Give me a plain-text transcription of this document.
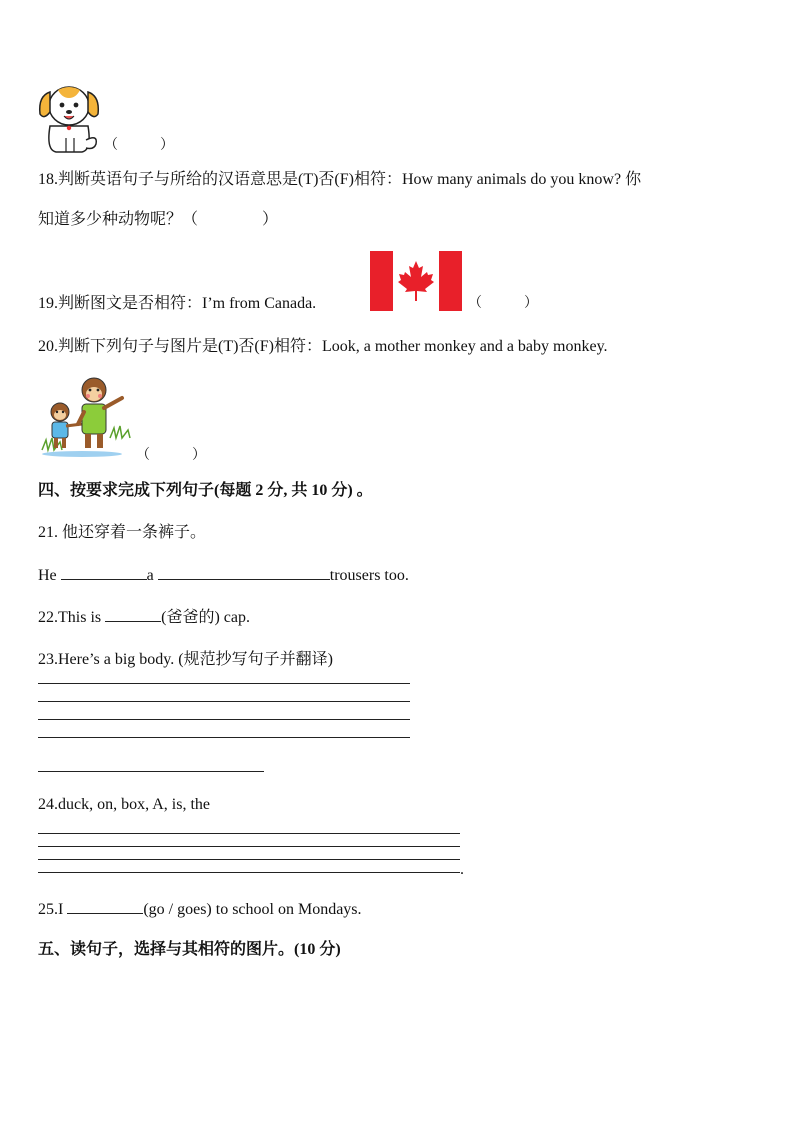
（　　　）
18.判断英语句子与所给的汉语意思是(T)否(F)相符：How many animals do you know? 你
知道多少种动物呢？（　　　　）
19.判断图文是否相符：I’m from Canada.	（　　　）
20.判断下列句子与图片是(T)否(F)相符：Look, a mother monkey and a baby monkey.
（　　　）
四、按要求完成下列句子(每题 2 分, 共 10 分) 。
21. 他还穿着一条裤子。
He	a	trousers too.
22.This is	(爸爸的) cap.
23.Here’s a big body. (规范抄写句子并翻译)
24.duck, on, box, A, is, the
.
25.I	(go / goes) to school on Mondays.
五、读句子，选择与其相符的图片。(10 分)
